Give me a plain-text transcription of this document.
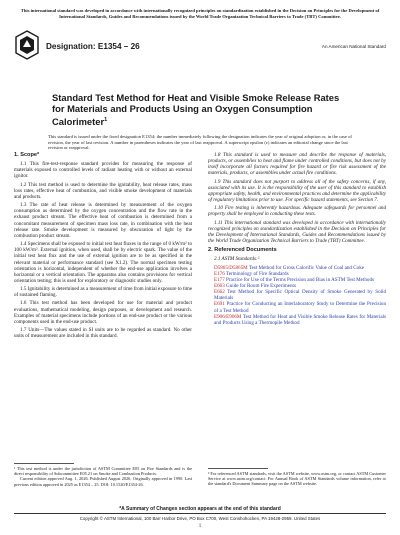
This international standard was developed in accordance with internationally recognized principles on standardization established in the Decision on Principles for the Development of International Standards, Guides and Recommendations issued by the World Trade Organization Technical Barriers to Trade (TBT) Committee.
Designation: E1354 – 26	An American National Standard
Standard Test Method for Heat and Visible Smoke Release Rates for Materials and Products Using an Oxygen Consumption Calorimeter$^1$
This standard is issued under the fixed designation E1354; the number immediately following the designation indicates the year of original adoption or, in the case of revision, the year of last revision. A number in parentheses indicates the year of last reapproval. A superscript epsilon (ε) indicates an editorial change since the last revision or reapproval.
1. Scope*

1.1 This fire-test-response standard provides for measuring the response of materials exposed to controlled levels of radiant heating with or without an external ignitor.

1.2 This test method is used to determine the ignitability, heat release rates, mass loss rates, effective heat of combustion, and visible smoke development of materials and products.

1.3 The rate of heat release is determined by measurement of the oxygen consumption as determined by the oxygen concentration and the flow rate in the exhaust product stream. The effective heat of combustion is determined from a concomitant measurement of specimen mass loss rate, in combination with the heat release rate. Smoke development is measured by obscuration of light by the combustion product stream.

1.4 Specimens shall be exposed to initial test heat fluxes in the range of 0 kW/m² to 100 kW/m². External ignition, when used, shall be by electric spark. The value of the initial test heat flux and the use of external ignition are to be as specified in the relevant material or performance standard (see X1.2). The normal specimen testing orientation is horizontal, independent of whether the end-use application involves a horizontal or a vertical orientation. The apparatus also contains provisions for vertical orientation testing; this is used for exploratory or diagnostic studies only.

1.5 Ignitability is determined as a measurement of time from initial exposure to time of sustained flaming.

1.6 This test method has been developed for use for material and product evaluations, mathematical modeling, design purposes, or development and research. Examples of material specimens include portions of an end-use product or the various components used in the end-use product.

1.7 Units—The values stated in SI units are to be regarded as standard. No other units of measurement are included in this standard.

¹ This test method is under the jurisdiction of ASTM Committee E05 on Fire Standards and is the direct responsibility of Subcommittee E05.21 on Smoke and Combustion Products.
Current edition approved Aug. 1, 2026. Published August 2026. Originally approved in 1990. Last previous edition approved in 2025 as E1354 – 25. DOI: 10.1520/E1354-26.

1.8 This standard is used to measure and describe the response of materials, products, or assemblies to heat and flame under controlled conditions, but does not by itself incorporate all factors required for fire hazard or fire risk assessment of the materials, products, or assemblies under actual fire conditions.

1.9 This standard does not purport to address all of the safety concerns, if any, associated with its use. It is the responsibility of the user of this standard to establish appropriate safety, health, and environmental practices and determine the applicability of regulatory limitations prior to use. For specific hazard statements, see Section 7.

1.10 Fire testing is inherently hazardous. Adequate safeguards for personnel and property shall be employed in conducting these tests.

1.11 This international standard was developed in accordance with internationally recognized principles on standardization established in the Decision on Principles for the Development of International Standards, Guides and Recommendations issued by the World Trade Organization Technical Barriers to Trade (TBT) Committee.

2. Referenced Documents

2.1 ASTM Standards:²

D5865/D5865M Test Method for Gross Calorific Value of Coal and Coke

E176 Terminology of Fire Standards

E177 Practice for Use of the Terms Precision and Bias in ASTM Test Methods

E603 Guide for Room Fire Experiments

E662 Test Method for Specific Optical Density of Smoke Generated by Solid Materials

E691 Practice for Conducting an Interlaboratory Study to Determine the Precision of a Test Method

E906/E906M Test Method for Heat and Visible Smoke Release Rates for Materials and Products Using a Thermopile Method

² For referenced ASTM standards, visit the ASTM website, www.astm.org, or contact ASTM Customer Service at www.astm.org/contact. For Annual Book of ASTM Standards volume information, refer to the standard's Document Summary page on the ASTM website.
*A Summary of Changes section appears at the end of this standard
Copyright © ASTM International, 100 Barr Harbor Drive, PO Box C700, West Conshohocken, PA 19428-2959. United States
1
